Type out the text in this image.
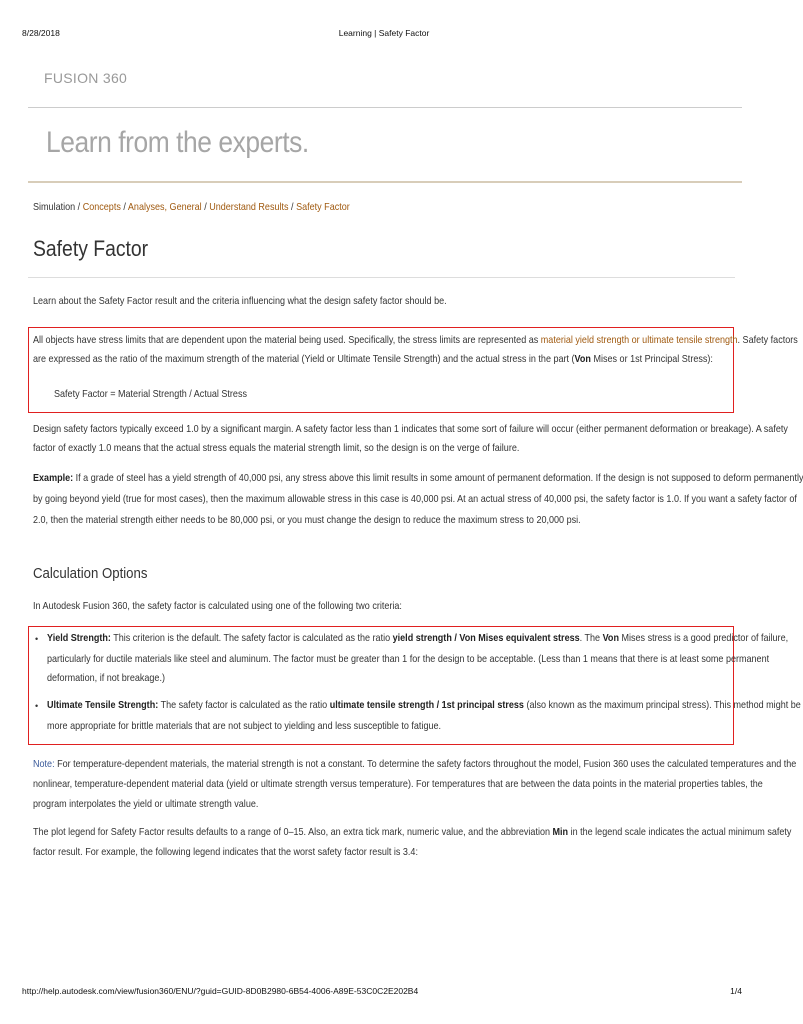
8/28/2018	Learning | Safety Factor
FUSION 360
Learn from the experts.
Simulation / Concepts / Analyses, General / Understand Results / Safety Factor
Safety Factor
Learn about the Safety Factor result and the criteria influencing what the design safety factor should be.
All objects have stress limits that are dependent upon the material being used. Specifically, the stress limits are represented as material yield strength or ultimate tensile strength. Safety factors
are expressed as the ratio of the maximum strength of the material (Yield or Ultimate Tensile Strength) and the actual stress in the part (Von Mises or 1st Principal Stress):
Safety Factor = Material Strength / Actual Stress
Design safety factors typically exceed 1.0 by a significant margin. A safety factor less than 1 indicates that some sort of failure will occur (either permanent deformation or breakage). A safety
factor of exactly 1.0 means that the actual stress equals the material strength limit, so the design is on the verge of failure.
Example: If a grade of steel has a yield strength of 40,000 psi, any stress above this limit results in some amount of permanent deformation. If the design is not supposed to deform permanently
by going beyond yield (true for most cases), then the maximum allowable stress in this case is 40,000 psi. At an actual stress of 40,000 psi, the safety factor is 1.0. If you want a safety factor of
2.0, then the material strength either needs to be 80,000 psi, or you must change the design to reduce the maximum stress to 20,000 psi.
Calculation Options
In Autodesk Fusion 360, the safety factor is calculated using one of the following two criteria:
• Yield Strength: This criterion is the default. The safety factor is calculated as the ratio yield strength / Von Mises equivalent stress. The Von Mises stress is a good predictor of failure,
particularly for ductile materials like steel and aluminum. The factor must be greater than 1 for the design to be acceptable. (Less than 1 means that there is at least some permanent
deformation, if not breakage.)
• Ultimate Tensile Strength: The safety factor is calculated as the ratio ultimate tensile strength / 1st principal stress (also known as the maximum principal stress). This method might be
more appropriate for brittle materials that are not subject to yielding and less susceptible to fatigue.
Note: For temperature-dependent materials, the material strength is not a constant. To determine the safety factors throughout the model, Fusion 360 uses the calculated temperatures and the
nonlinear, temperature-dependent material data (yield or ultimate strength versus temperature). For temperatures that are between the data points in the material properties tables, the
program interpolates the yield or ultimate strength value.
The plot legend for Safety Factor results defaults to a range of 0–15. Also, an extra tick mark, numeric value, and the abbreviation Min in the legend scale indicates the actual minimum safety
factor result. For example, the following legend indicates that the worst safety factor result is 3.4:
http://help.autodesk.com/view/fusion360/ENU/?guid=GUID-8D0B2980-6B54-4006-A89E-53C0C2E202B4	1/4
